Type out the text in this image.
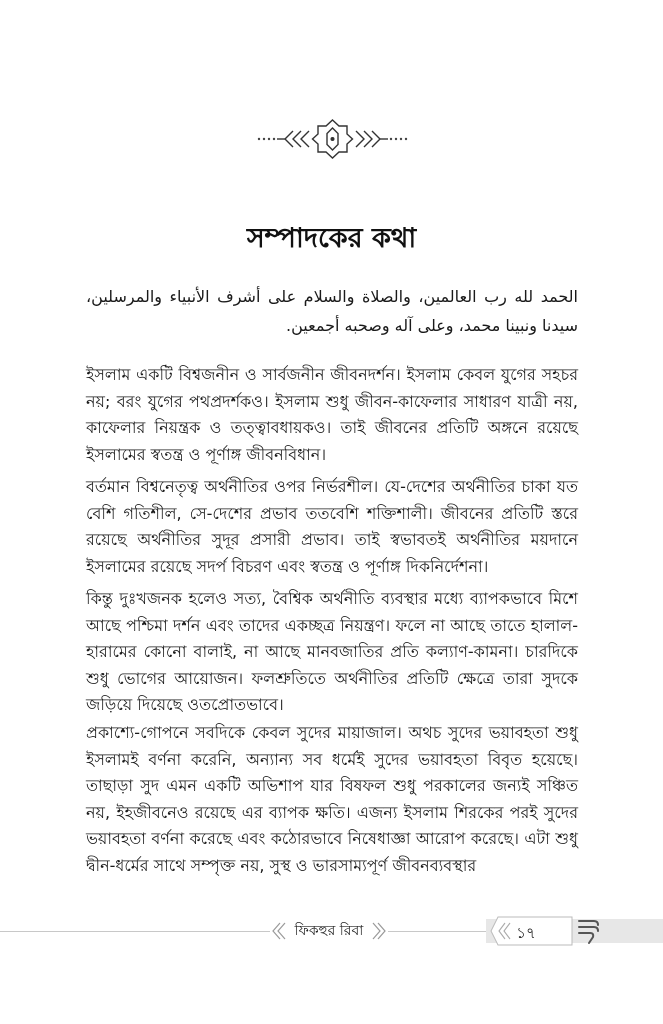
সম্পাদকের কথা
الحمد لله رب العالمين، والصلاة والسلام على أشرف الأنبياء والمرسلين، سيدنا ونبينا محمد، وعلى آله وصحبه أجمعين.

ইসলাম একটি বিশ্বজনীন ও সার্বজনীন জীবনদর্শন। ইসলাম কেবল যুগের সহচর নয়; বরং যুগের পথপ্রদর্শকও। ইসলাম শুধু জীবন-কাফেলার সাধারণ যাত্রী নয়, কাফেলার নিয়ন্ত্রক ও তত্ত্বাবধায়কও। তাই জীবনের প্রতিটি অঙ্গনে রয়েছে ইসলামের স্বতন্ত্র ও পূর্ণাঙ্গ জীবনবিধান।

বর্তমান বিশ্বনেতৃত্ব অর্থনীতির ওপর নির্ভরশীল। যে-দেশের অর্থনীতির চাকা যত বেশি গতিশীল, সে-দেশের প্রভাব ততবেশি শক্তিশালী। জীবনের প্রতিটি স্তরে রয়েছে অর্থনীতির সুদূর প্রসারী প্রভাব। তাই স্বভাবতই অর্থনীতির ময়দানে ইসলামের রয়েছে সদর্প বিচরণ এবং স্বতন্ত্র ও পূর্ণাঙ্গ দিকনির্দেশনা।

কিন্তু দুঃখজনক হলেও সত্য, বৈশ্বিক অর্থনীতি ব্যবস্থার মধ্যে ব্যাপকভাবে মিশে আছে পশ্চিমা দর্শন এবং তাদের একচ্ছত্র নিয়ন্ত্রণ। ফলে না আছে তাতে হালাল-হারামের কোনো বালাই, না আছে মানবজাতির প্রতি কল্যাণ-কামনা। চারদিকে শুধু ভোগের আয়োজন। ফলশ্রুতিতে অর্থনীতির প্রতিটি ক্ষেত্রে তারা সুদকে জড়িয়ে দিয়েছে ওতপ্রোতভাবে।

প্রকাশ্যে-গোপনে সবদিকে কেবল সুদের মায়াজাল। অথচ সুদের ভয়াবহতা শুধু ইসলামই বর্ণনা করেনি, অন্যান্য সব ধর্মেই সুদের ভয়াবহতা বিবৃত হয়েছে। তাছাড়া সুদ এমন একটি অভিশাপ যার বিষফল শুধু পরকালের জন্যই সঞ্চিত নয়, ইহজীবনেও রয়েছে এর ব্যাপক ক্ষতি। এজন্য ইসলাম শিরকের পরই সুদের ভয়াবহতা বর্ণনা করেছে এবং কঠোরভাবে নিষেধাজ্ঞা আরোপ করেছে। এটা শুধু দ্বীন-ধর্মের সাথে সম্পৃক্ত নয়, সুস্থ ও ভারসাম্যপূর্ণ জীবনব্যবস্থার

ফিকহুর রিবা	১৭
